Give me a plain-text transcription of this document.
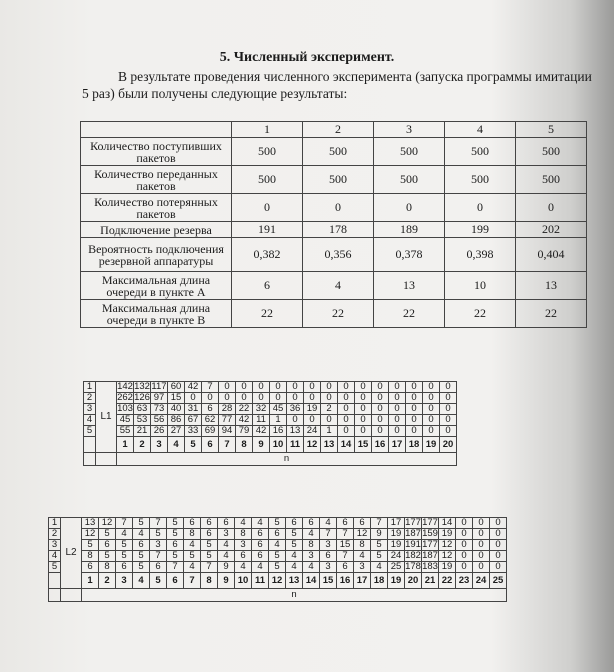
5. Численный эксперимент.
В результате проведения численного эксперимента (запуска программы имитации 5 раз) были получены следующие результаты:
	1	2	3	4	5
Количество поступивших пакетов	500	500	500	500	500
Количество переданных пакетов	500	500	500	500	500
Количество потерянных пакетов	0	0	0	0	0
Подключение резерва	191	178	189	199	202
Вероятность подключения резервной аппаратуры	0,382	0,356	0,378	0,398	0,404
Максимальная длина очереди в пункте А	6	4	13	10	13
Максимальная длина очереди в пункте В	22	22	22	22	22
1	L1	142	132	117	60	42	7	0	0	0	0	0	0	0	0	0	0	0	0	0	0
2		262	126	97	15	0	0	0	0	0	0	0	0	0	0	0	0	0	0	0	0
3		103	63	73	40	31	6	28	22	32	45	36	19	2	0	0	0	0	0	0	0
4		45	53	56	86	67	62	77	42	11	1	0	0	0	0	0	0	0	0	0	0
5		55	21	26	27	33	69	94	79	42	16	13	24	1	0	0	0	0	0	0	0
		1	2	3	4	5	6	7	8	9	10	11	12	13	14	15	16	17	18	19	20
		n																			
1	L2	13	12	7	5	7	5	6	6	6	4	4	5	6	6	4	6	6	7	17	177	177	14	0	0	0
2		12	5	4	4	5	5	8	6	3	8	6	6	5	4	7	7	12	9	19	187	159	19	0	0	0
3		5	6	5	6	3	6	4	5	4	3	6	4	5	8	3	15	8	5	19	191	177	12	0	0	0
4		8	5	5	5	7	5	5	5	4	6	6	5	4	3	6	7	4	5	24	182	187	12	0	0	0
5		6	8	6	5	6	7	4	7	9	4	4	5	4	4	3	6	3	4	25	178	183	19	0	0	0
		1	2	3	4	5	6	7	8	9	10	11	12	13	14	15	16	17	18	19	20	21	22	23	24	25
		n																								
